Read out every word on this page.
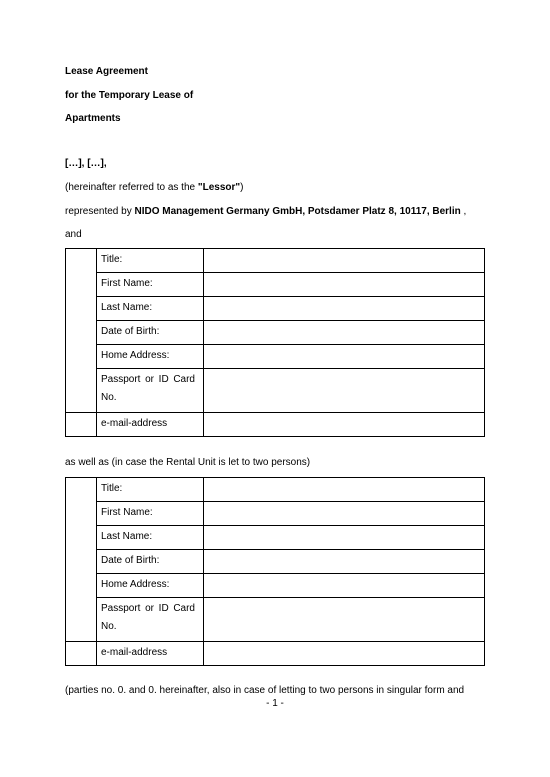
Lease Agreement
for the Temporary Lease of
Apartments
[…], […],
(hereinafter referred to as the "Lessor")
represented by NIDO Management Germany GmbH, Potsdamer Platz 8, 10117, Berlin ,
and
	Title:	
	First Name:	
	Last Name:	
	Date of Birth:	
	Home Address:	

	Passport or ID Card
No.	
	e-mail-address	
as well as (in case the Rental Unit is let to two persons)
	Title:	
	First Name:	
	Last Name:	
	Date of Birth:	
	Home Address:	

	Passport or ID Card
No.	
	e-mail-address	
(parties no. 0. and 0. hereinafter, also in case of letting to two persons in singular form and
- 1 -
